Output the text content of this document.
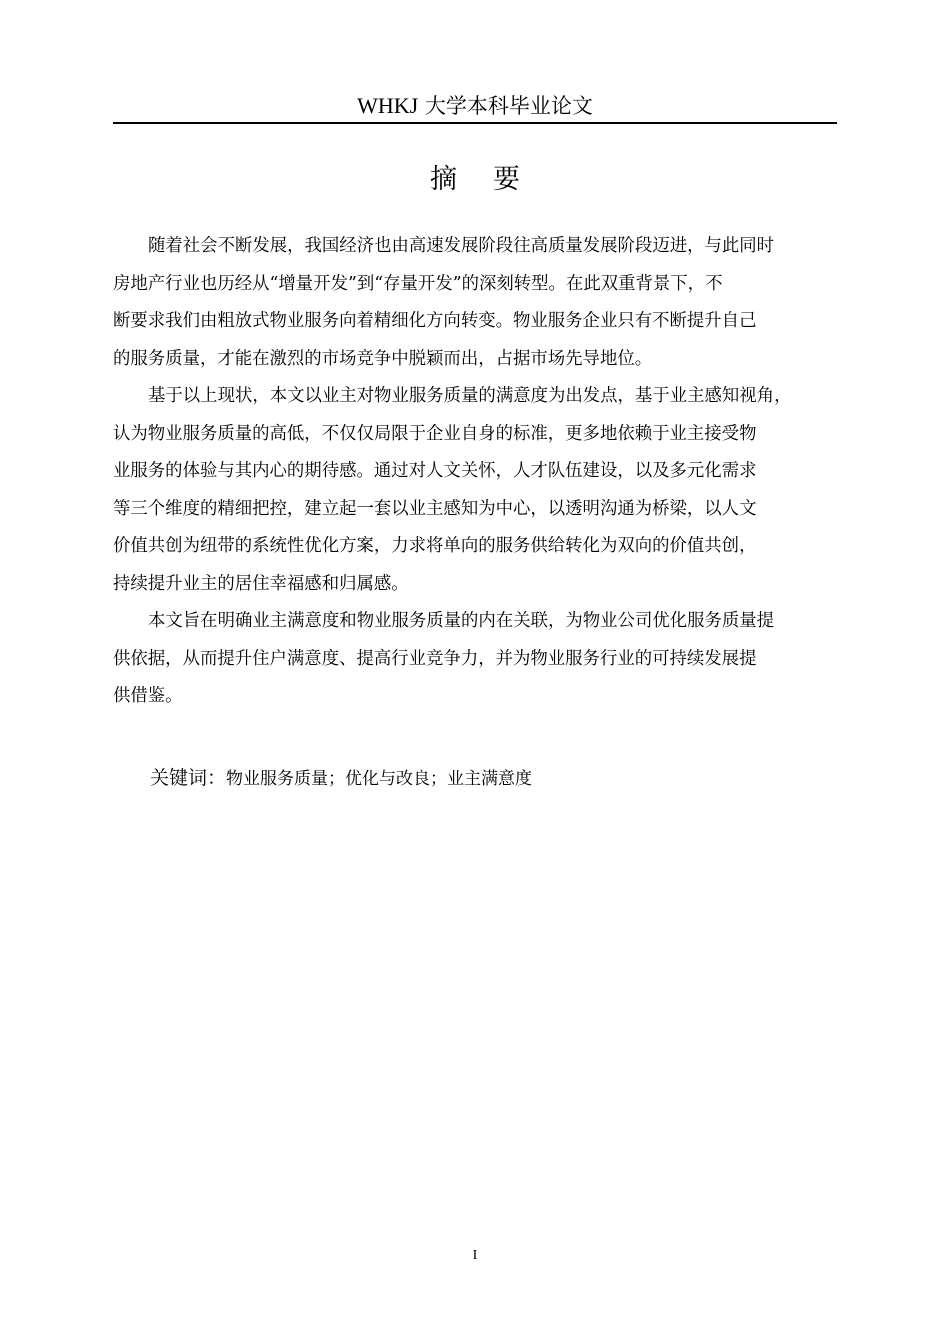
WHKJ 大学本科毕业论文
摘要

随着社会不断发展，我国经济也由高速发展阶段往高质量发展阶段迈进，与此同时
房地产行业也历经从“增量开发”到“存量开发”的深刻转型。在此双重背景下，不
断要求我们由粗放式物业服务向着精细化方向转变。物业服务企业只有不断提升自己
的服务质量，才能在激烈的市场竞争中脱颖而出，占据市场先导地位。

基于以上现状，本文以业主对物业服务质量的满意度为出发点，基于业主感知视角，
认为物业服务质量的高低，不仅仅局限于企业自身的标准，更多地依赖于业主接受物
业服务的体验与其内心的期待感。通过对人文关怀，人才队伍建设，以及多元化需求
等三个维度的精细把控，建立起一套以业主感知为中心，以透明沟通为桥梁，以人文
价值共创为纽带的系统性优化方案，力求将单向的服务供给转化为双向的价值共创，
持续提升业主的居住幸福感和归属感。

本文旨在明确业主满意度和物业服务质量的内在关联，为物业公司优化服务质量提
供依据，从而提升住户满意度、提高行业竞争力，并为物业服务行业的可持续发展提
供借鉴。

关键词：物业服务质量；优化与改良；业主满意度
I
